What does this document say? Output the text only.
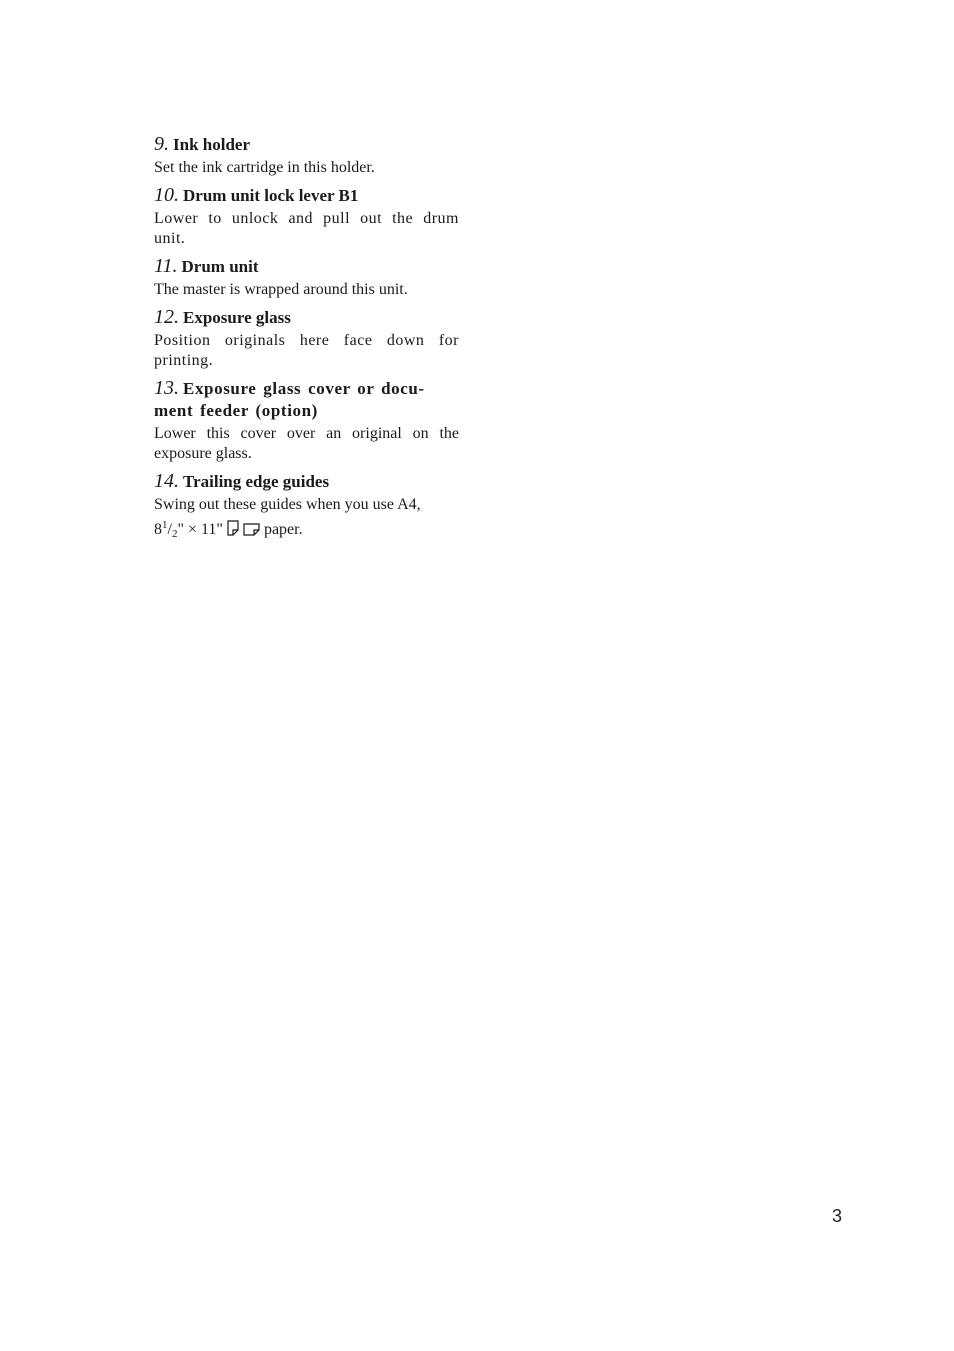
9. Ink holder

Set the ink cartridge in this holder.

10. Drum unit lock lever B1

Lower to unlock and pull out the drum unit.

11. Drum unit

The master is wrapped around this unit.

12. Exposure glass

Position originals here face down for printing.

13. Exposure glass cover or docu-ment feeder (option)

Lower this cover over an original on the exposure glass.

14. Trailing edge guides

Swing out these guides when you use A4,
$8^1/_2$" × 11"   paper.

3
